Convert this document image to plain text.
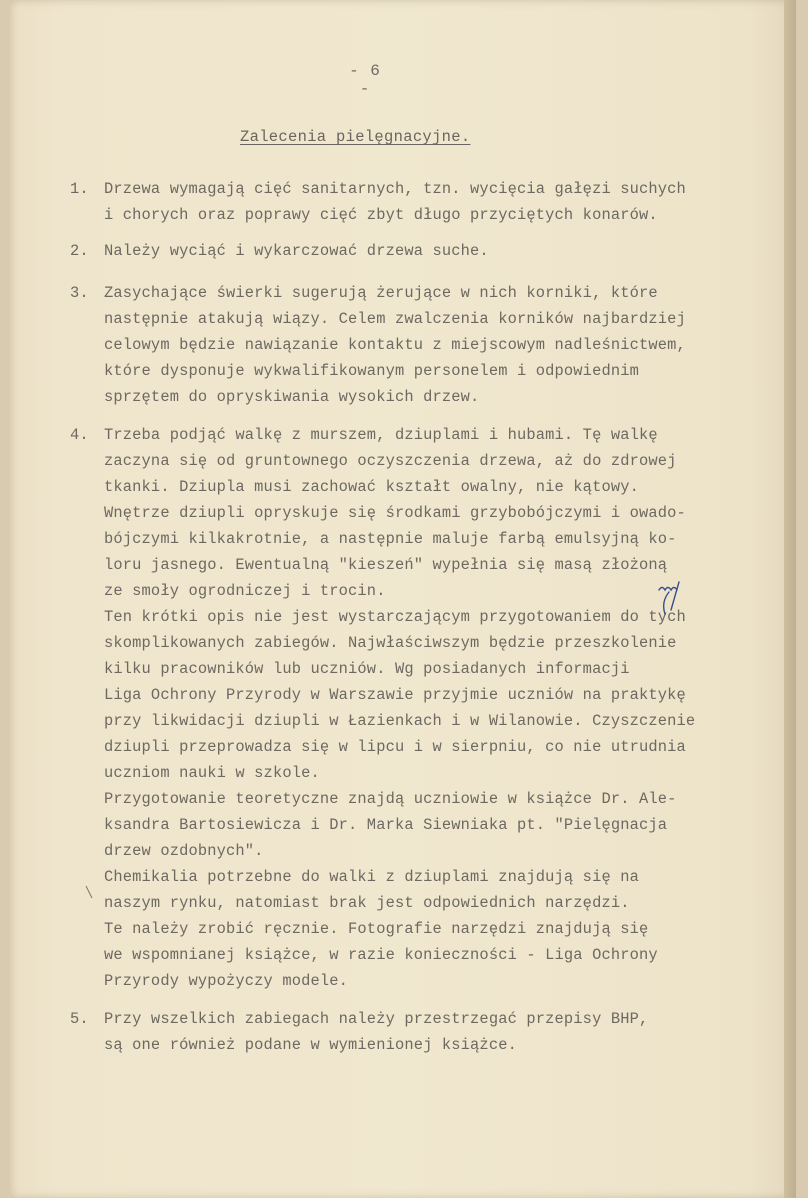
- 6 -
Zalecenia pielęgnacyjne.
1. Drzewa wymagają cięć sanitarnych, tzn. wycięcia gałęzi suchych
i chorych oraz poprawy cięć zbyt długo przyciętych konarów.
2. Należy wyciąć i wykarczować drzewa suche.
3. Zasychające świerki sugerują żerujące w nich korniki, które
następnie atakują wiązy. Celem zwalczenia korników najbardziej
celowym będzie nawiązanie kontaktu z miejscowym nadleśnictwem,
które dysponuje wykwalifikowanym personelem i odpowiednim
sprzętem do opryskiwania wysokich drzew.
4. Trzeba podjąć walkę z murszem, dziuplami i hubami. Tę walkę
zaczyna się od gruntownego oczyszczenia drzewa, aż do zdrowej
tkanki. Dziupla musi zachować kształt owalny, nie kątowy.
Wnętrze dziupli opryskuje się środkami grzybobójczymi i owado-
bójczymi kilkakrotnie, a następnie maluje farbą emulsyjną ko-
loru jasnego. Ewentualną "kieszeń" wypełnia się masą złożoną
ze smoły ogrodniczej i trocin.
Ten krótki opis nie jest wystarczającym przygotowaniem do tych
skomplikowanych zabiegów. Najwłaściwszym będzie przeszkolenie
kilku pracowników lub uczniów. Wg posiadanych informacji
Liga Ochrony Przyrody w Warszawie przyjmie uczniów na praktykę
przy likwidacji dziupli w Łazienkach i w Wilanowie. Czyszczenie
dziupli przeprowadza się w lipcu i w sierpniu, co nie utrudnia
uczniom nauki w szkole.
Przygotowanie teoretyczne znajdą uczniowie w książce Dr. Ale-
ksandra Bartosiewicza i Dr. Marka Siewniaka pt. "Pielęgnacja
drzew ozdobnych".
Chemikalia potrzebne do walki z dziuplami znajdują się na
naszym rynku, natomiast brak jest odpowiednich narzędzi.
Te należy zrobić ręcznie. Fotografie narzędzi znajdują się
we wspomnianej książce, w razie konieczności - Liga Ochrony
Przyrody wypożyczy modele.
5. Przy wszelkich zabiegach należy przestrzegać przepisy BHP,
są one również podane w wymienionej książce.
